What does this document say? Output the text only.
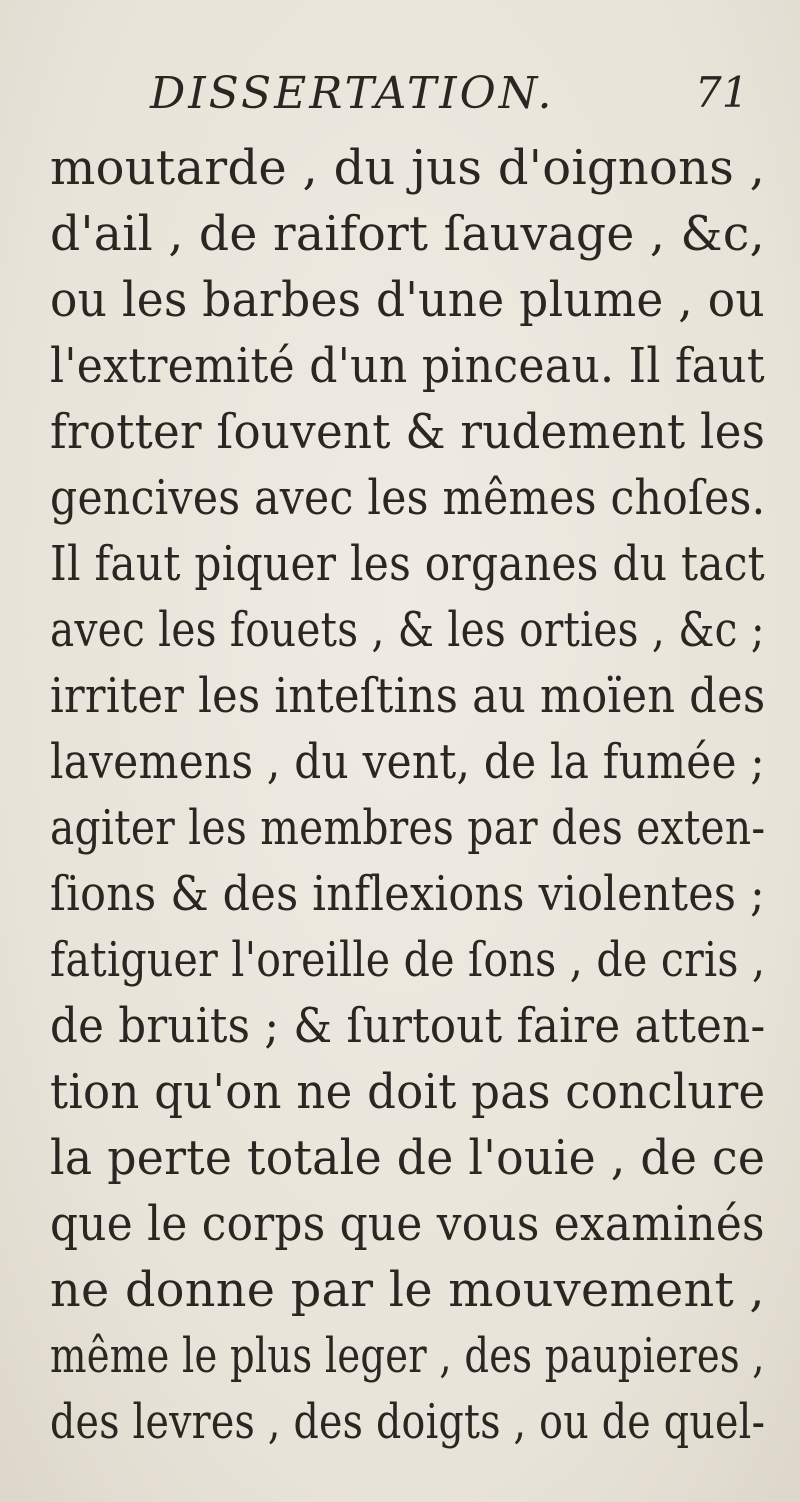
DISSERTATION.	71
moutarde , du jus d'oignons ,
d'ail , de raifort ſauvage , &c,
ou les barbes d'une plume , ou
l'extremité d'un pinceau. Il faut
frotter ſouvent & rudement les
gencives avec les mêmes choſes.
Il faut piquer les organes du tact
avec les fouets , & les orties , &c ;
irriter les inteſtins au moïen des
lavemens , du vent, de la fumée ;
agiter les membres par des exten-
ſions & des inflexions violentes ;
fatiguer l'oreille de ſons , de cris ,
de bruits ; & ſurtout faire atten-
tion qu'on ne doit pas conclure
la perte totale de l'ouie , de ce
que le corps que vous examinés
ne donne par le mouvement ,
même le plus leger , des paupieres ,
des levres , des doigts , ou de quel-
